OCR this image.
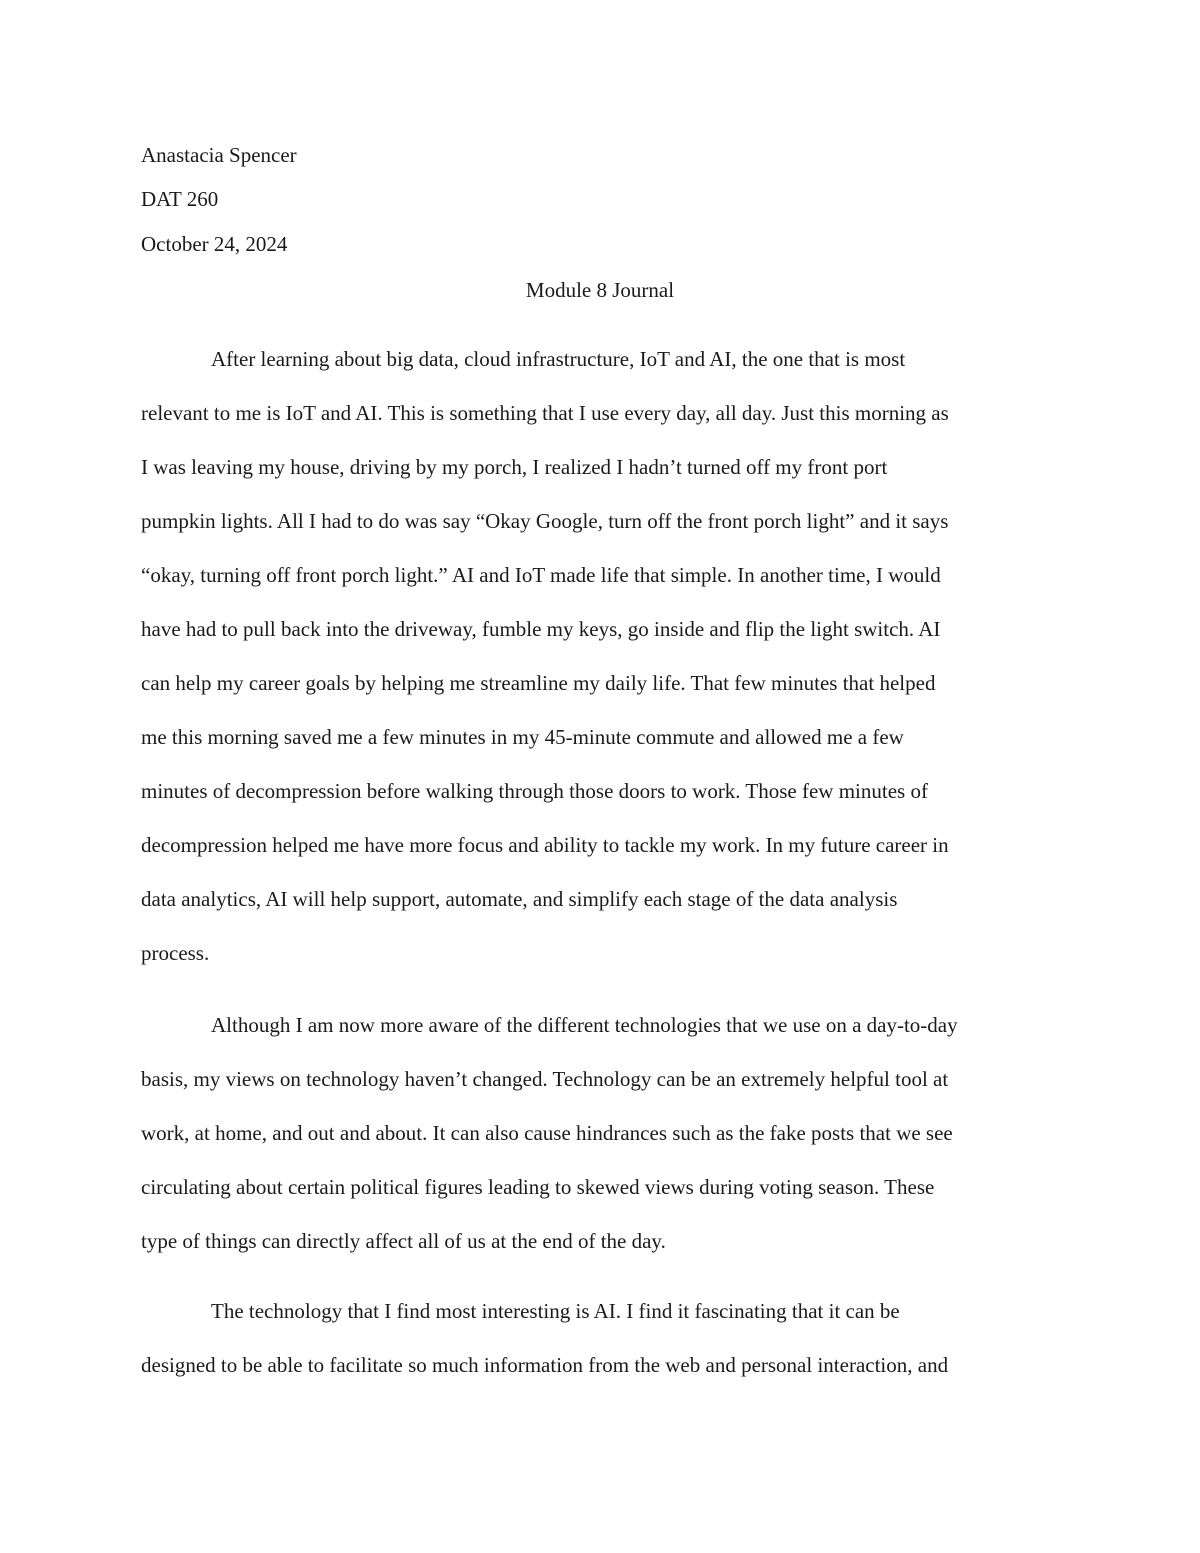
Anastacia Spencer
DAT 260
October 24, 2024
Module 8 Journal
After learning about big data, cloud infrastructure, IoT and AI, the one that is most
relevant to me is IoT and AI. This is something that I use every day, all day. Just this morning as
I was leaving my house, driving by my porch, I realized I hadn’t turned off my front port
pumpkin lights. All I had to do was say “Okay Google, turn off the front porch light” and it says
“okay, turning off front porch light.” AI and IoT made life that simple. In another time, I would
have had to pull back into the driveway, fumble my keys, go inside and flip the light switch. AI
can help my career goals by helping me streamline my daily life. That few minutes that helped
me this morning saved me a few minutes in my 45-minute commute and allowed me a few
minutes of decompression before walking through those doors to work. Those few minutes of
decompression helped me have more focus and ability to tackle my work. In my future career in
data analytics, AI will help support, automate, and simplify each stage of the data analysis
process.
Although I am now more aware of the different technologies that we use on a day-to-day
basis, my views on technology haven’t changed. Technology can be an extremely helpful tool at
work, at home, and out and about. It can also cause hindrances such as the fake posts that we see
circulating about certain political figures leading to skewed views during voting season. These
type of things can directly affect all of us at the end of the day.
The technology that I find most interesting is AI. I find it fascinating that it can be
designed to be able to facilitate so much information from the web and personal interaction, and
